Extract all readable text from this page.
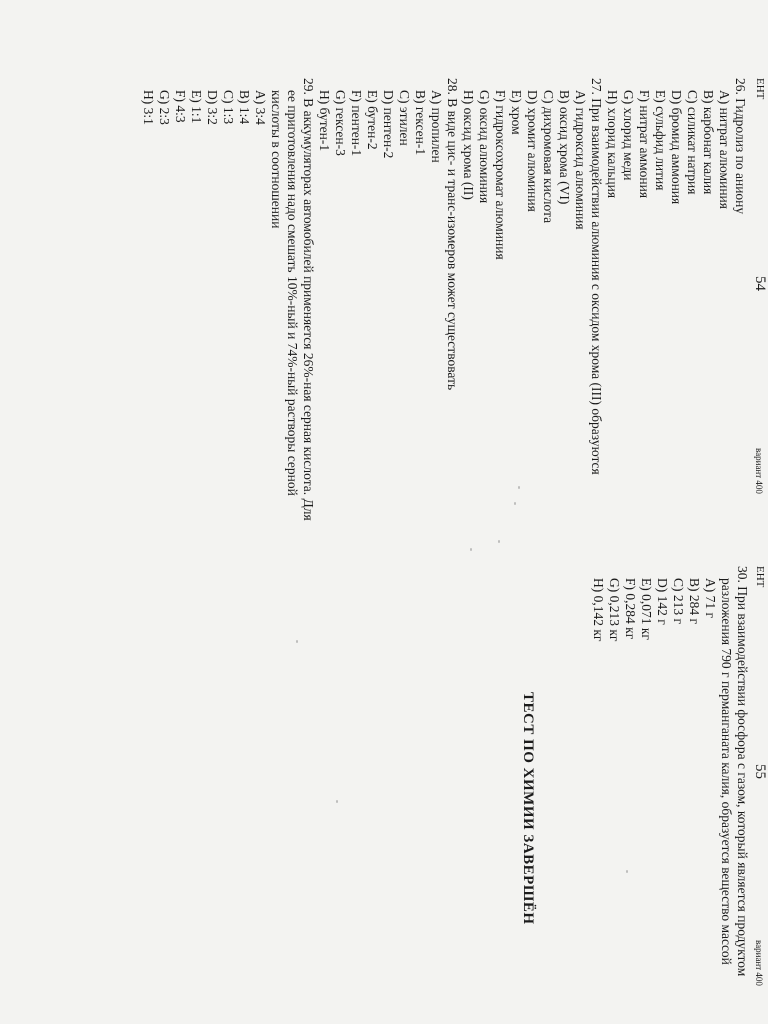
ЕНТ
54
вариант 400
26. Гидролиз по аниону
A) нитрат алюминия
B) карбонат калия
C) силикат натрия
D) бромид аммония
E) сульфид лития
F) нитрат аммония
G) хлорид меди
H) хлорид кальция
27. При взаимодействии алюминия с оксидом хрома (III) образуются
A) гидроксид алюминия
B) оксид хрома (VI)
C) дихромовая кислота
D) хромит алюминия
E) хром
F) гидроксохромат алюминия
G) оксид алюминия
H) оксид хрома (II)
28. В виде цис- и транс-изомеров может существовать
A) пропилен
B) гексен-1
C) этилен
D) пентен-2
E) бутен-2
F) пентен-1
G) гексен-3
H) бутен-1
29. В аккумуляторах автомобилей применяется 26%-ная серная кислота. Для
ее приготовления надо смешать 10%-ный и 74%-ный растворы серной
кислоты в соотношении
A) 3:4
B) 1:4
C) 1:3
D) 3:2
E) 1:1
F) 4:3
G) 2:3
H) 3:1
ЕНТ
55
вариант 400
30. При взаимодействии фосфора с газом, который является продуктом
разложения 790 г перманганата калия, образуется вещество массой
A) 71 г
B) 284 г
C) 213 г
D) 142 г
E) 0,071 кг
F) 0,284 кг
G) 0,213 кг
H) 0,142 кг
ТЕСТ ПО ХИМИИ ЗАВЕРШЁН
